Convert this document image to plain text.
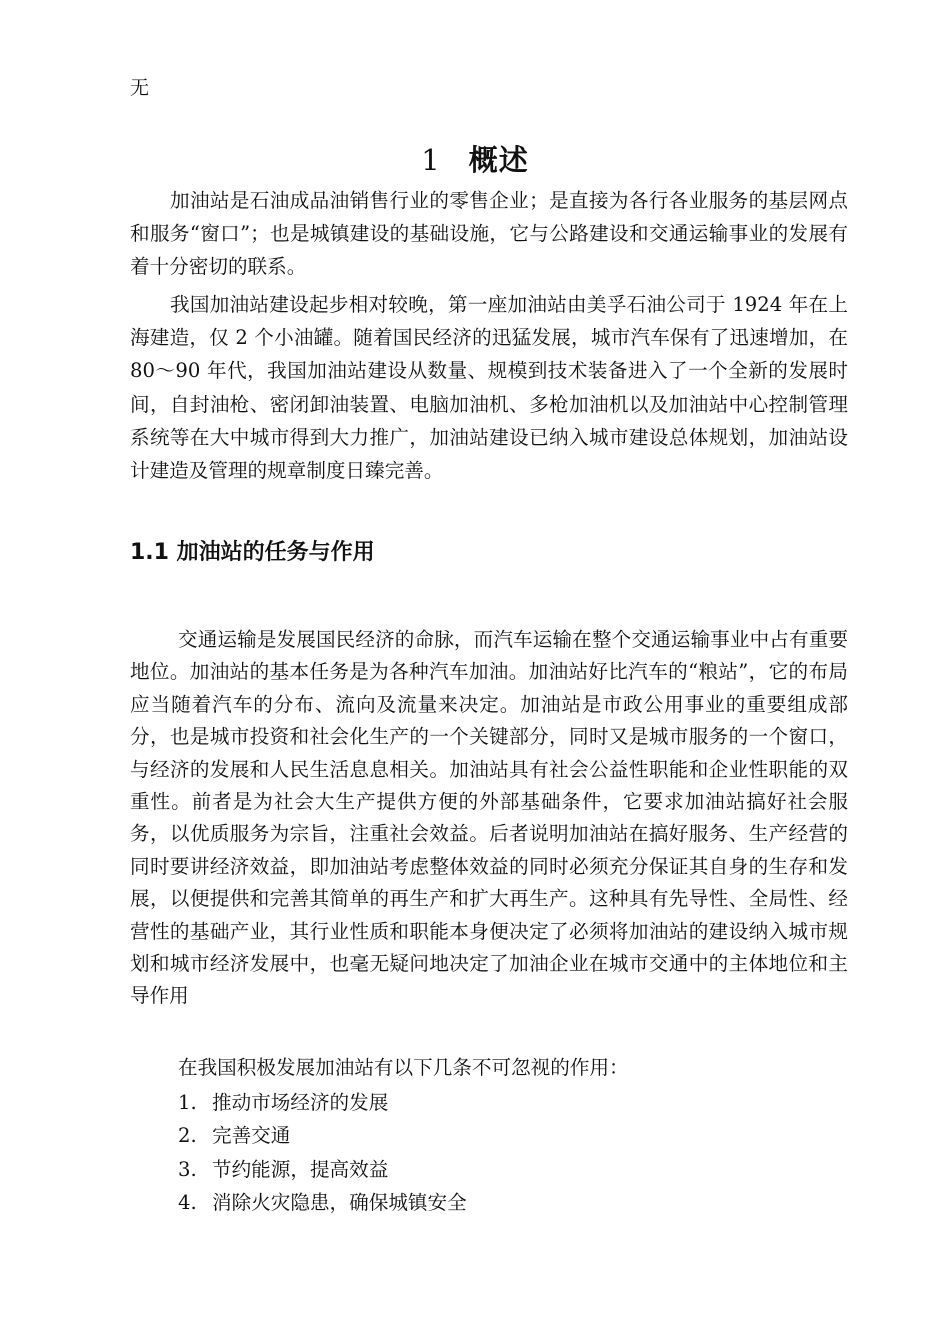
无
1 概述

加油站是石油成品油销售行业的零售企业；是直接为各行各业服务的基层网点和服务“窗口”；也是城镇建设的基础设施，它与公路建设和交通运输事业的发展有着十分密切的联系。

我国加油站建设起步相对较晚，第一座加油站由美孚石油公司于 1924 年在上海建造，仅 2 个小油罐。随着国民经济的迅猛发展，城市汽车保有了迅速增加，在 80～90 年代，我国加油站建设从数量、规模到技术装备进入了一个全新的发展时间，自封油枪、密闭卸油装置、电脑加油机、多枪加油机以及加油站中心控制管理系统等在大中城市得到大力推广，加油站建设已纳入城市建设总体规划，加油站设计建造及管理的规章制度日臻完善。

1.1 加油站的任务与作用

交通运输是发展国民经济的命脉，而汽车运输在整个交通运输事业中占有重要地位。加油站的基本任务是为各种汽车加油。加油站好比汽车的“粮站”，它的布局应当随着汽车的分布、流向及流量来决定。加油站是市政公用事业的重要组成部分，也是城市投资和社会化生产的一个关键部分，同时又是城市服务的一个窗口，与经济的发展和人民生活息息相关。加油站具有社会公益性职能和企业性职能的双重性。前者是为社会大生产提供方便的外部基础条件，它要求加油站搞好社会服务，以优质服务为宗旨，注重社会效益。后者说明加油站在搞好服务、生产经营的同时要讲经济效益，即加油站考虑整体效益的同时必须充分保证其自身的生存和发展，以便提供和完善其简单的再生产和扩大再生产。这种具有先导性、全局性、经营性的基础产业，其行业性质和职能本身便决定了必须将加油站的建设纳入城市规划和城市经济发展中，也毫无疑问地决定了加油企业在城市交通中的主体地位和主导作用

在我国积极发展加油站有以下几条不可忽视的作用：

1. 推动市场经济的发展
2. 完善交通
3. 节约能源，提高效益
4. 消除火灾隐患，确保城镇安全
